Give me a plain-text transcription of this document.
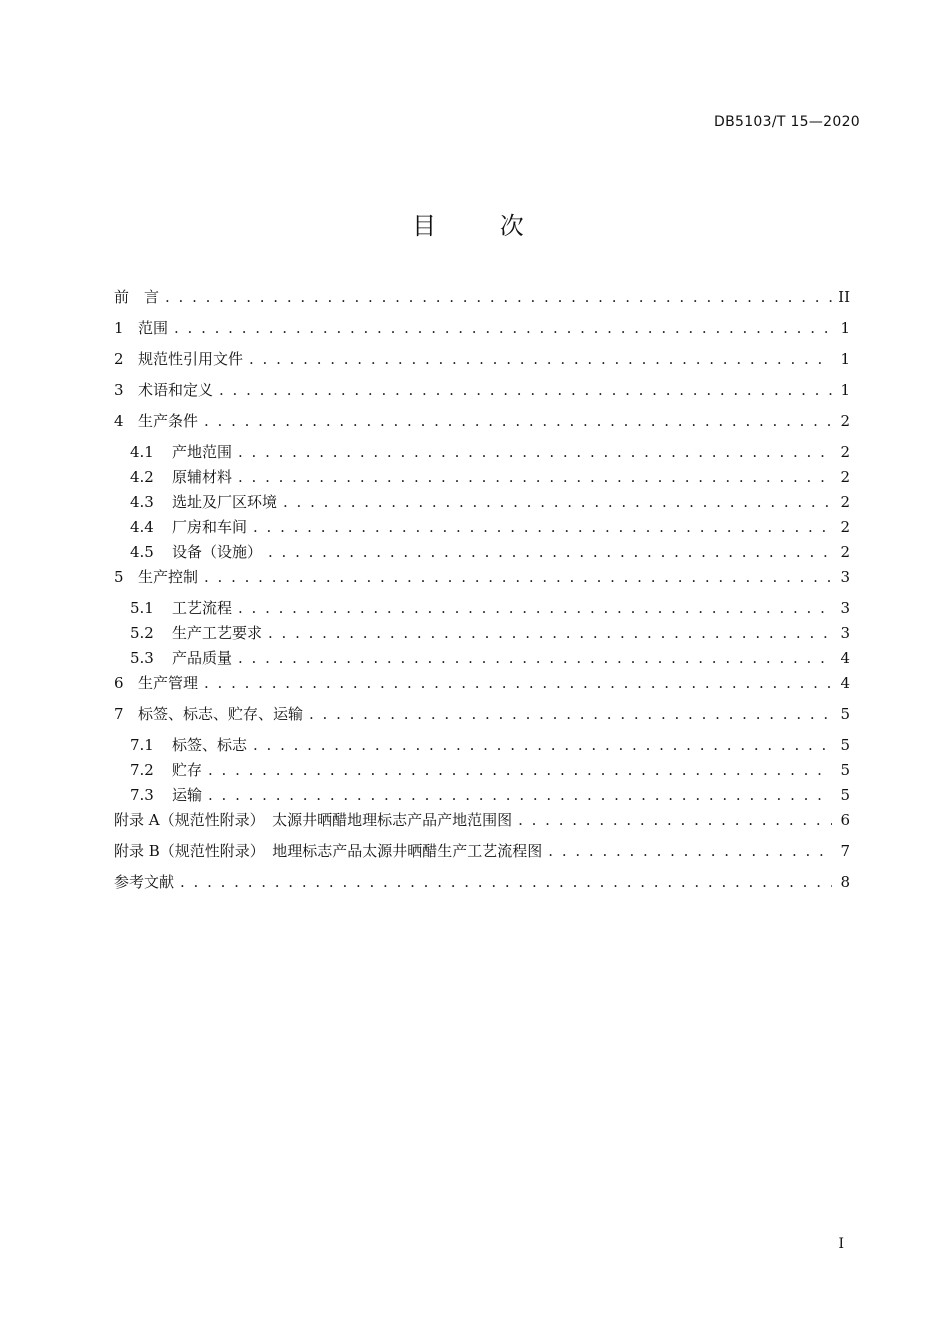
DB5103/T 15—2020
目 次
前　言 . . .	II
1 范围 . . .	1
2 规范性引用文件 . . .	1
3 术语和定义 . . .	1
4 生产条件 . . .	2
4.1	产地范围 . . .	2
4.2	原辅材料 . . .	2
4.3	选址及厂区环境 . . .	2
4.4	厂房和车间 . . .	2
4.5	设备（设施） . . .	2
5 生产控制 . . .	3
5.1	工艺流程 . . .	3
5.2	生产工艺要求 . . .	3
5.3	产品质量 . . .	4
6 生产管理 . . .	4
7 标签、标志、贮存、运输 . . .	5
7.1	标签、标志 . . .	5
7.2	贮存 . . .	5
7.3	运输 . . .	5
附录 A（规范性附录）　太源井晒醋地理标志产品产地范围图 . . .	6
附录 B（规范性附录）　地理标志产品太源井晒醋生产工艺流程图 . . .	7
参考文献 . . .	8
I
